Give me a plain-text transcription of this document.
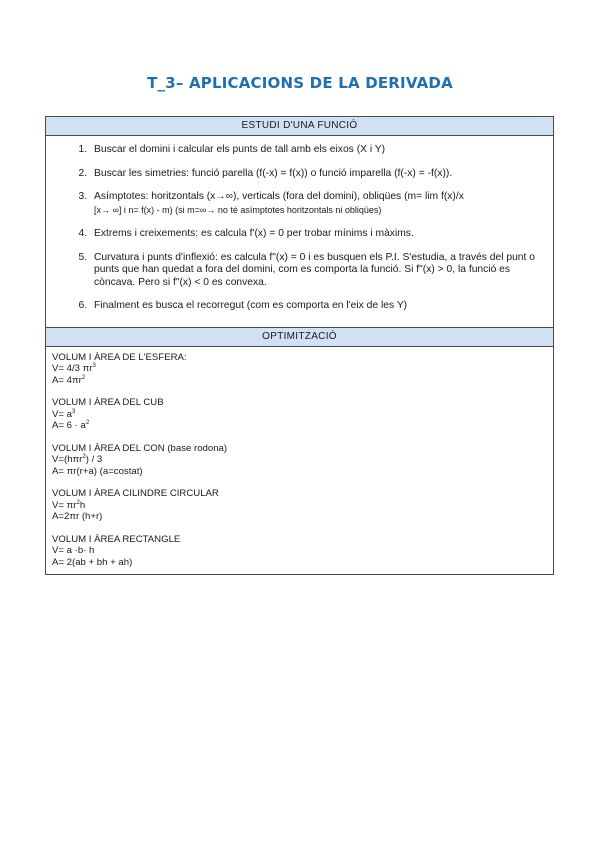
T_3– APLICACIONS DE LA DERIVADA
ESTUDI D'UNA FUNCIÓ
1. Buscar el domini i calcular els punts de tall amb els eixos (X i Y)
2. Buscar les simetries: funció parella (f(-x) = f(x)) o funció imparella (f(-x) = -f(x)).
3. Asímptotes: horitzontals (x→∞), verticals (fora del domini), obliqües (m= lim f(x)/x
[x→ ∞] i n= f(x) - m) (si m=∞→ no té asímptotes horitzontals ni obliqües)
4. Extrems i creixements: es calcula f'(x) = 0 per trobar mínims i màxims.
5. Curvatura i punts d'inflexió: es calcula f"(x) = 0 i es busquen els P.I. S'estudia, a través del punt o punts que han quedat a fora del domini, com es comporta la funció. Si f"(x) > 0, la funció es còncava. Pero si f"(x) < 0 es convexa.
6. Finalment es busca el recorregut (com es comporta en l'eix de les Y)
OPTIMITZACIÓ
VOLUM I ÀREA DE L'ESFERA:
V= 4/3 $\pi r^3$
$A= 4\pi r^2$
VOLUM I ÀREA DEL CUB
$V= a^3$
$A= 6 \cdot a^2$
VOLUM I ÀREA DEL CON (base rodona)
V=(hπr$^2$) / 3
A= πr(r+a) (a=costat)
VOLUM I ÀREA CILINDRE CIRCULAR
$V= \pi r^2h$
A=2πr (h+r)
VOLUM I ÀREA RECTANGLE
V= a ·b· h
A= 2(ab + bh + ah)
